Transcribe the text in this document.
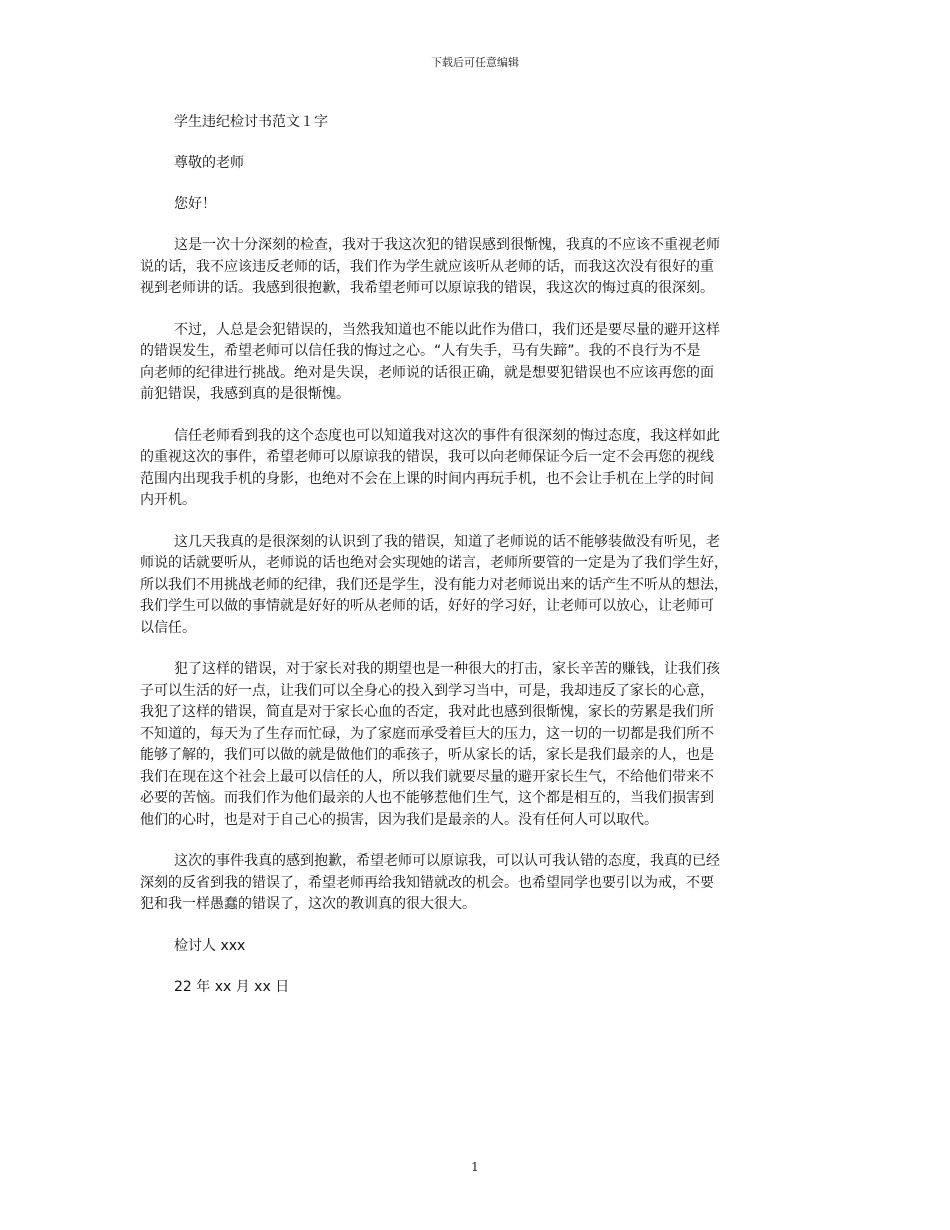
下载后可任意编辑

学生违纪检讨书范文１字

尊敬的老师

您好！

这是一次十分深刻的检查，我对于我这次犯的错误感到很惭愧，我真的不应该不重视老师
说的话，我不应该违反老师的话，我们作为学生就应该听从老师的话，而我这次没有很好的重
视到老师讲的话。我感到很抱歉，我希望老师可以原谅我的错误，我这次的悔过真的很深刻。
不过，人总是会犯错误的，当然我知道也不能以此作为借口，我们还是要尽量的避开这样
的错误发生，希望老师可以信任我的悔过之心。“人有失手，马有失蹄”。我的不良行为不是
向老师的纪律进行挑战。绝对是失误，老师说的话很正确，就是想要犯错误也不应该再您的面
前犯错误，我感到真的是很惭愧。
信任老师看到我的这个态度也可以知道我对这次的事件有很深刻的悔过态度，我这样如此
的重视这次的事件，希望老师可以原谅我的错误，我可以向老师保证今后一定不会再您的视线
范围内出现我手机的身影，也绝对不会在上课的时间内再玩手机，也不会让手机在上学的时间
内开机。
这几天我真的是很深刻的认识到了我的错误，知道了老师说的话不能够装做没有听见，老
师说的话就要听从，老师说的话也绝对会实现她的诺言，老师所要管的一定是为了我们学生好，
所以我们不用挑战老师的纪律，我们还是学生，没有能力对老师说出来的话产生不听从的想法，
我们学生可以做的事情就是好好的听从老师的话，好好的学习好，让老师可以放心，让老师可
以信任。
犯了这样的错误，对于家长对我的期望也是一种很大的打击，家长辛苦的赚钱，让我们孩
子可以生活的好一点，让我们可以全身心的投入到学习当中，可是，我却违反了家长的心意，
我犯了这样的错误，简直是对于家长心血的否定，我对此也感到很惭愧，家长的劳累是我们所
不知道的，每天为了生存而忙碌，为了家庭而承受着巨大的压力，这一切的一切都是我们所不
能够了解的，我们可以做的就是做他们的乖孩子，听从家长的话，家长是我们最亲的人，也是
我们在现在这个社会上最可以信任的人，所以我们就要尽量的避开家长生气，不给他们带来不
必要的苦恼。而我们作为他们最亲的人也不能够惹他们生气，这个都是相互的，当我们损害到
他们的心时，也是对于自己心的损害，因为我们是最亲的人。没有任何人可以取代。
这次的事件我真的感到抱歉，希望老师可以原谅我，可以认可我认错的态度，我真的已经
深刻的反省到我的错误了，希望老师再给我知错就改的机会。也希望同学也要引以为戒，不要
犯和我一样愚蠢的错误了，这次的教训真的很大很大。

检讨人 xxx

22 年 xx 月 xx 日

1
